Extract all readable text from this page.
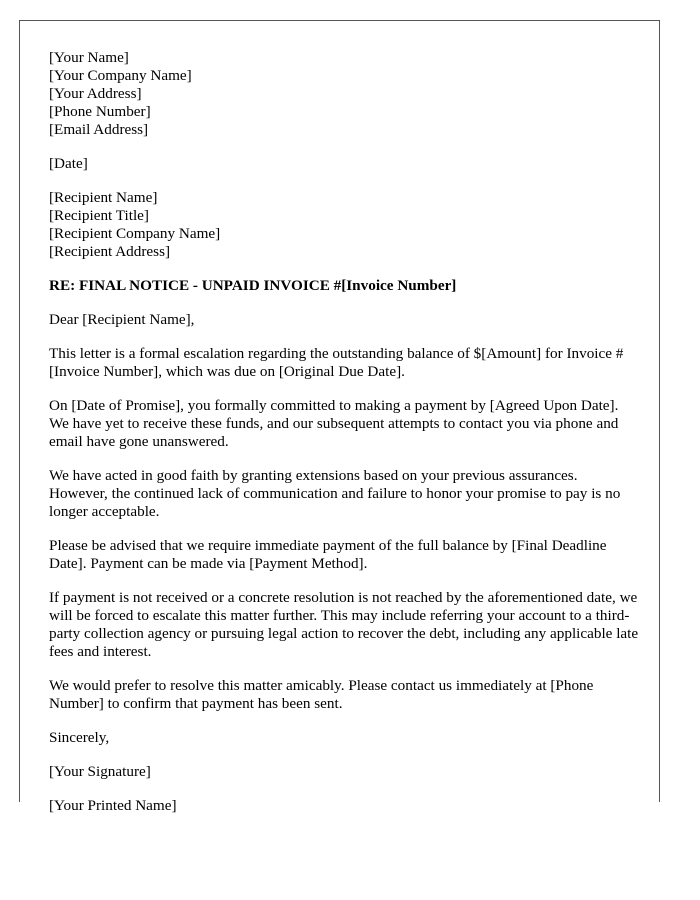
[Your Name]
[Your Company Name]
[Your Address]
[Phone Number]
[Email Address]
[Date]
[Recipient Name]
[Recipient Title]
[Recipient Company Name]
[Recipient Address]
RE: FINAL NOTICE - UNPAID INVOICE #[Invoice Number]
Dear [Recipient Name],

This letter is a formal escalation regarding the outstanding balance of $[Amount] for Invoice #[Invoice Number], which was due on [Original Due Date].

On [Date of Promise], you formally committed to making a payment by [Agreed Upon Date]. We have yet to receive these funds, and our subsequent attempts to contact you via phone and email have gone unanswered.

We have acted in good faith by granting extensions based on your previous assurances. However, the continued lack of communication and failure to honor your promise to pay is no longer acceptable.

Please be advised that we require immediate payment of the full balance by [Final Deadline Date]. Payment can be made via [Payment Method].

If payment is not received or a concrete resolution is not reached by the aforementioned date, we will be forced to escalate this matter further. This may include referring your account to a third-party collection agency or pursuing legal action to recover the debt, including any applicable late fees and interest.

We would prefer to resolve this matter amicably. Please contact us immediately at [Phone Number] to confirm that payment has been sent.

Sincerely,
[Your Signature]
[Your Printed Name]
